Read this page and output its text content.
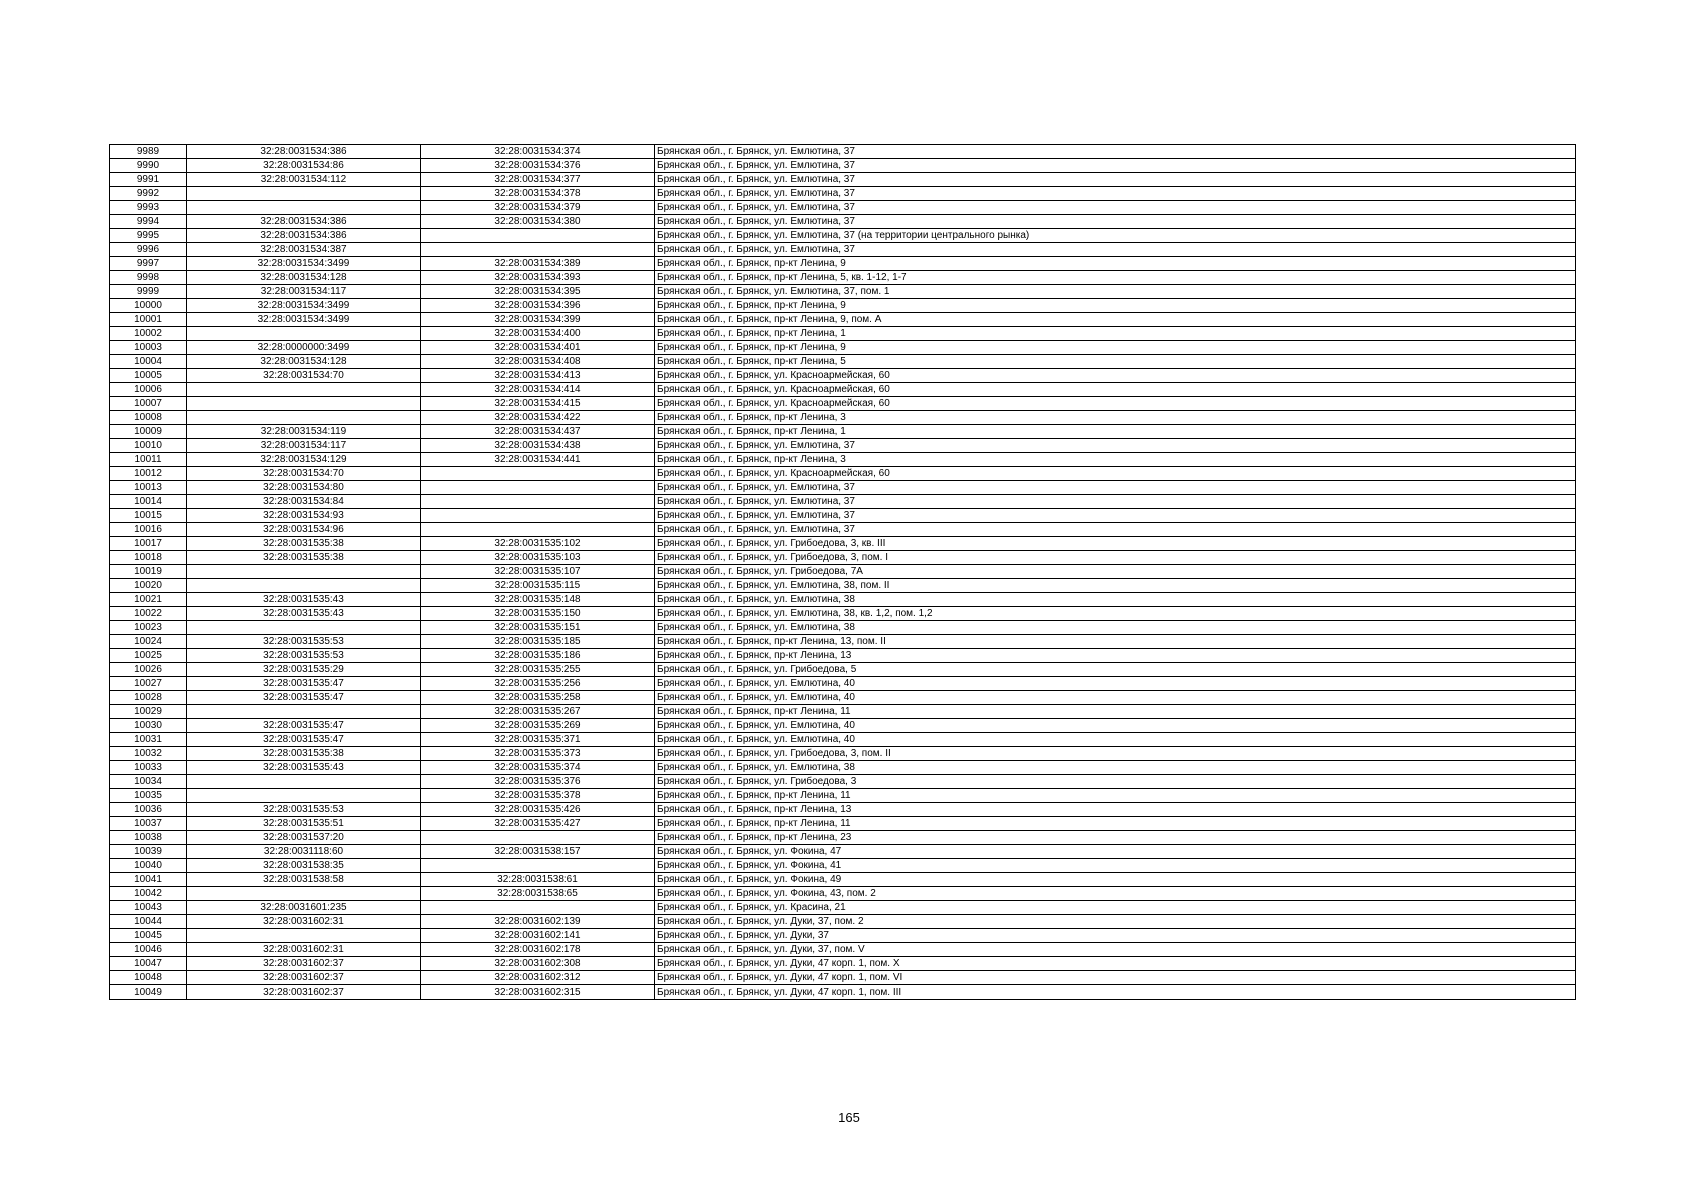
9989	32:28:0031534:386	32:28:0031534:374	Брянская обл., г. Брянск, ул. Емлютина, 37
9990	32:28:0031534:86	32:28:0031534:376	Брянская обл., г. Брянск, ул. Емлютина, 37
9991	32:28:0031534:112	32:28:0031534:377	Брянская обл., г. Брянск, ул. Емлютина, 37
9992		32:28:0031534:378	Брянская обл., г. Брянск, ул. Емлютина, 37
9993		32:28:0031534:379	Брянская обл., г. Брянск, ул. Емлютина, 37
9994	32:28:0031534:386	32:28:0031534:380	Брянская обл., г. Брянск, ул. Емлютина, 37
9995	32:28:0031534:386		Брянская обл., г. Брянск, ул. Емлютина, 37 (на территории центрального рынка)
9996	32:28:0031534:387		Брянская обл., г. Брянск, ул. Емлютина, 37
9997	32:28:0031534:3499	32:28:0031534:389	Брянская обл., г. Брянск, пр-кт Ленина, 9
9998	32:28:0031534:128	32:28:0031534:393	Брянская обл., г. Брянск, пр-кт Ленина, 5, кв. 1-12, 1-7
9999	32:28:0031534:117	32:28:0031534:395	Брянская обл., г. Брянск, ул. Емлютина, 37, пом. 1
10000	32:28:0031534:3499	32:28:0031534:396	Брянская обл., г. Брянск, пр-кт Ленина, 9
10001	32:28:0031534:3499	32:28:0031534:399	Брянская обл., г. Брянск, пр-кт Ленина, 9, пом. А
10002		32:28:0031534:400	Брянская обл., г. Брянск, пр-кт Ленина, 1
10003	32:28:0000000:3499	32:28:0031534:401	Брянская обл., г. Брянск, пр-кт Ленина, 9
10004	32:28:0031534:128	32:28:0031534:408	Брянская обл., г. Брянск, пр-кт Ленина, 5
10005	32:28:0031534:70	32:28:0031534:413	Брянская обл., г. Брянск, ул. Красноармейская, 60
10006		32:28:0031534:414	Брянская обл., г. Брянск, ул. Красноармейская, 60
10007		32:28:0031534:415	Брянская обл., г. Брянск, ул. Красноармейская, 60
10008		32:28:0031534:422	Брянская обл., г. Брянск, пр-кт Ленина, 3
10009	32:28:0031534:119	32:28:0031534:437	Брянская обл., г. Брянск, пр-кт Ленина, 1
10010	32:28:0031534:117	32:28:0031534:438	Брянская обл., г. Брянск, ул. Емлютина, 37
10011	32:28:0031534:129	32:28:0031534:441	Брянская обл., г. Брянск, пр-кт Ленина, 3
10012	32:28:0031534:70		Брянская обл., г. Брянск, ул. Красноармейская, 60
10013	32:28:0031534:80		Брянская обл., г. Брянск, ул. Емлютина, 37
10014	32:28:0031534:84		Брянская обл., г. Брянск, ул. Емлютина, 37
10015	32:28:0031534:93		Брянская обл., г. Брянск, ул. Емлютина, 37
10016	32:28:0031534:96		Брянская обл., г. Брянск, ул. Емлютина, 37
10017	32:28:0031535:38	32:28:0031535:102	Брянская обл., г. Брянск, ул. Грибоедова, 3, кв. III
10018	32:28:0031535:38	32:28:0031535:103	Брянская обл., г. Брянск, ул. Грибоедова, 3, пом. I
10019		32:28:0031535:107	Брянская обл., г. Брянск, ул. Грибоедова, 7А
10020		32:28:0031535:115	Брянская обл., г. Брянск, ул. Емлютина, 38, пом. II
10021	32:28:0031535:43	32:28:0031535:148	Брянская обл., г. Брянск, ул. Емлютина, 38
10022	32:28:0031535:43	32:28:0031535:150	Брянская обл., г. Брянск, ул. Емлютина, 38, кв. 1,2, пом. 1,2
10023		32:28:0031535:151	Брянская обл., г. Брянск, ул. Емлютина, 38
10024	32:28:0031535:53	32:28:0031535:185	Брянская обл., г. Брянск, пр-кт Ленина, 13, пом. II
10025	32:28:0031535:53	32:28:0031535:186	Брянская обл., г. Брянск, пр-кт Ленина, 13
10026	32:28:0031535:29	32:28:0031535:255	Брянская обл., г. Брянск, ул. Грибоедова, 5
10027	32:28:0031535:47	32:28:0031535:256	Брянская обл., г. Брянск, ул. Емлютина, 40
10028	32:28:0031535:47	32:28:0031535:258	Брянская обл., г. Брянск, ул. Емлютина, 40
10029		32:28:0031535:267	Брянская обл., г. Брянск, пр-кт Ленина, 11
10030	32:28:0031535:47	32:28:0031535:269	Брянская обл., г. Брянск, ул. Емлютина, 40
10031	32:28:0031535:47	32:28:0031535:371	Брянская обл., г. Брянск, ул. Емлютина, 40
10032	32:28:0031535:38	32:28:0031535:373	Брянская обл., г. Брянск, ул. Грибоедова, 3, пом. II
10033	32:28:0031535:43	32:28:0031535:374	Брянская обл., г. Брянск, ул. Емлютина, 38
10034		32:28:0031535:376	Брянская обл., г. Брянск, ул. Грибоедова, 3
10035		32:28:0031535:378	Брянская обл., г. Брянск, пр-кт Ленина, 11
10036	32:28:0031535:53	32:28:0031535:426	Брянская обл., г. Брянск, пр-кт Ленина, 13
10037	32:28:0031535:51	32:28:0031535:427	Брянская обл., г. Брянск, пр-кт Ленина, 11
10038	32:28:0031537:20		Брянская обл., г. Брянск, пр-кт Ленина, 23
10039	32:28:0031118:60	32:28:0031538:157	Брянская обл., г. Брянск, ул. Фокина, 47
10040	32:28:0031538:35		Брянская обл., г. Брянск, ул. Фокина, 41
10041	32:28:0031538:58	32:28:0031538:61	Брянская обл., г. Брянск, ул. Фокина, 49
10042		32:28:0031538:65	Брянская обл., г. Брянск, ул. Фокина, 43, пом. 2
10043	32:28:0031601:235		Брянская обл., г. Брянск, ул. Красина, 21
10044	32:28:0031602:31	32:28:0031602:139	Брянская обл., г. Брянск, ул. Дуки, 37, пом. 2
10045		32:28:0031602:141	Брянская обл., г. Брянск, ул. Дуки, 37
10046	32:28:0031602:31	32:28:0031602:178	Брянская обл., г. Брянск, ул. Дуки, 37, пом. V
10047	32:28:0031602:37	32:28:0031602:308	Брянская обл., г. Брянск, ул. Дуки, 47 корп. 1, пом. X
10048	32:28:0031602:37	32:28:0031602:312	Брянская обл., г. Брянск, ул. Дуки, 47 корп. 1, пом. VI
10049	32:28:0031602:37	32:28:0031602:315	Брянская обл., г. Брянск, ул. Дуки, 47 корп. 1, пом. III
165
